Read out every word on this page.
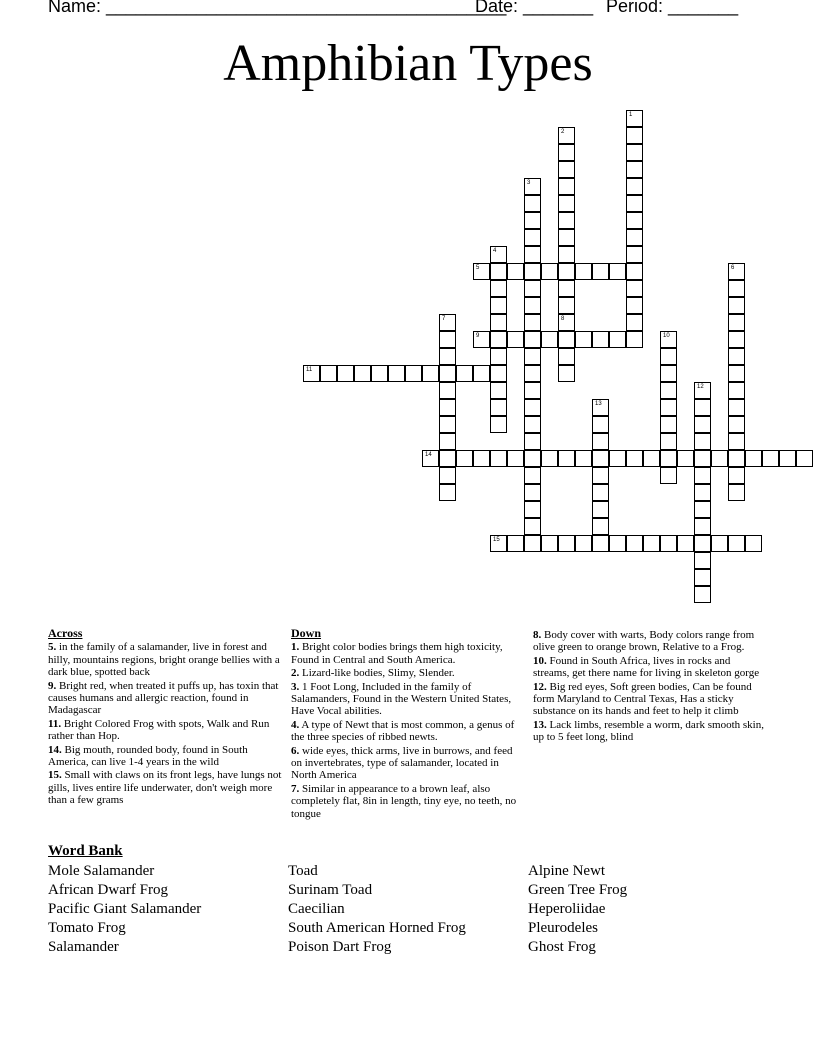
Name: ________________________________________
Date: _______ Period: _______
Amphibian Types
1
2
3
4
5	6
7	8
9	10
11
12
13
14
15
Across
5. in the family of a salamander, live in forest and hilly, mountains regions, bright orange bellies with a dark blue, spotted back
9. Bright red, when treated it puffs up, has toxin that causes humans and allergic reaction, found in Madagascar
11. Bright Colored Frog with spots, Walk and Run rather than Hop.
14. Big mouth, rounded body, found in South America, can live 1-4 years in the wild
15. Small with claws on its front legs, have lungs not gills, lives entire life underwater, don't weigh more than a few grams
Down
1. Bright color bodies brings them high toxicity, Found in Central and South America.
2. Lizard-like bodies, Slimy, Slender.
3. 1 Foot Long, Included in the family of Salamanders, Found in the Western United States, Have Vocal abilities.
4. A type of Newt that is most common, a genus of the three species of ribbed newts.
6. wide eyes, thick arms, live in burrows, and feed on invertebrates, type of salamander, located in North America
7. Similar in appearance to a brown leaf, also completely flat, 8in in length, tiny eye, no teeth, no tongue
8. Body cover with warts, Body colors range from olive green to orange brown, Relative to a Frog.
10. Found in South Africa, lives in rocks and streams, get there name for living in skeleton gorge
12. Big red eyes, Soft green bodies, Can be found form Maryland to Central Texas, Has a sticky substance on its hands and feet to help it climb
13. Lack limbs, resemble a worm, dark smooth skin, up to 5 feet long, blind
Word Bank
Mole Salamander
African Dwarf Frog
Pacific Giant Salamander
Tomato Frog
Salamander
Toad
Surinam Toad
Caecilian
South American Horned Frog
Poison Dart Frog
Alpine Newt
Green Tree Frog
Heperoliidae
Pleurodeles
Ghost Frog
